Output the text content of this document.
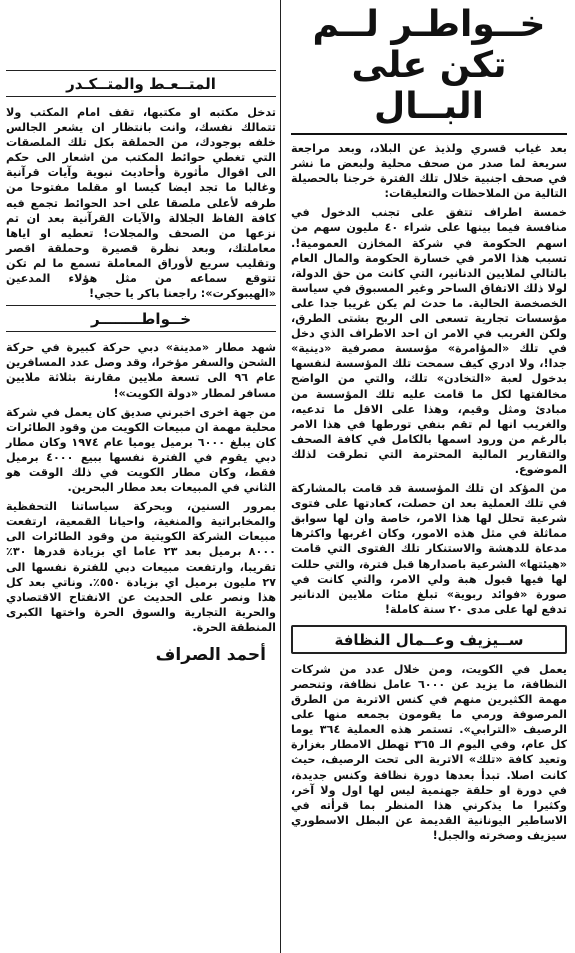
خــواطـر لــم
تكن على البــال

بعد غياب قسري ولذيذ عن البلاد، وبعد مراجعة سريعة لما صدر من صحف محلية ولبعض ما نشر في صحف اجنبية خلال تلك الفترة خرجنا بالحصيلة التالية من الملاحظات والتعليقات:

خمسة اطراف تتفق على تجنب الدخول في منافسة فيما بينها على شراء ٤٠ مليون سهم من اسهم الحكومة في شركة المخازن العمومية!. تسبب هذا الامر في خسارة الحكومة والمال العام بالتالي لملايين الدنانير، التي كانت من حق الدولة، لولا ذلك الاتفاق الساحر وغير المسبوق في سياسة الخصخصة الحالية. ما حدث لم يكن غريبا جدا على مؤسسات تجارية تسعى الى الربح بشتى الطرق، ولكن الغريب في الامر ان احد الاطراف الذي دخل في تلك «المؤامرة» مؤسسة مصرفية «دينية» جدا!، ولا ادري كيف سمحت تلك المؤسسة لنفسها بدخول لعبة «التخادن» تلك، والتي من الواضح مخالفتها لكل ما قامت عليه تلك المؤسسة من مبادئ ومثل وقيم، وهذا على الاقل ما تدعيه، والغريب انها لم تقم بنفي تورطها في هذا الامر بالرغم من ورود اسمها بالكامل في كافة الصحف والتقارير المالية المحترمة التي تطرقت لذلك الموضوع.

من المؤكد ان تلك المؤسسة قد قامت بالمشاركة في تلك العملية بعد ان حصلت، كعادتها على فتوى شرعية تحلل لها هذا الامر، خاصة وان لها سوابق مماثلة في مثل هذه الامور، وكان اغربها واكثرها مدعاة للدهشة والاستنكار تلك الفتوى التي قامت «هيئتها» الشرعية باصدارها قبل فترة، والتي حللت لها فيها قبول هبة ولي الامر، والتي كانت في صورة «فوائد ربوية» تبلغ مئات ملايين الدنانير تدفع لها على مدى ٢٠ سنة كاملة!

ســيزيف وعــمال النظافة

يعمل في الكويت، ومن خلال عدد من شركات النظافة، ما يزيد عن ٦٠٠٠ عامل نظافة، وتنحصر مهمة الكثيرين منهم في كنس الاتربة من الطرق المرصوفة ورمي ما يقومون بجمعه منها على الرصيف «الترابي». تستمر هذه العملية ٣٦٤ يوما كل عام، وفي اليوم الـ ٣٦٥ تهطل الامطار بغزارة وتعيد كافة «تلك» الاتربة الى تحت الرصيف، حيث كانت اصلا. تبدأ بعدها دورة نظافة وكنس جديدة، في دورة او حلقة جهنمية ليس لها اول ولا آخر، وكثيرا ما يذكرني هذا المنظر بما قرأته في الاساطير اليونانية القديمة عن البطل الاسطوري سيزيف وصخرته والجبل!

المتــعـط والمتــكـدر

تدخل مكتبه او مكتبها، تقف امام المكتب ولا تتمالك نفسك، وانت بانتظار ان يشعر الجالس خلفه بوجودك، من الحملقة بكل تلك الملصقات التي تغطي حوائط المكتب من اشعار الى حكم الى اقوال مأثورة وأحاديث نبوية وآيات قرآنية وغالبا ما تجد ايضا كيسا او مقلما مفتوحا من طرفه لأعلى ملصقا على احد الحوائط تجمع فيه كافة الفاظ الجلالة والآيات القرآنية بعد ان تم نزعها من الصحف والمجلات! تعطيه او اياها معاملتك، وبعد نظرة قصيرة وحملقة اقصر وتقليب سريع لأوراق المعاملة تسمع ما لم تكن تتوقع سماعه من مثل هؤلاء المدعين «الهيبوكرت»: راجعنا باكر يا حجي!

خــواطــــــــر

شهد مطار «مدينة» دبي حركة كبيرة في حركة الشحن والسفر مؤخرا، وقد وصل عدد المسافرين عام ٩٦ الى تسعة ملايين مقارنة بثلاثة ملايين مسافر لمطار «دولة الكويت»!

من جهة اخرى اخبرني صديق كان يعمل في شركة محلية مهمة ان مبيعات الكويت من وقود الطائرات كان يبلغ ٦٠٠٠ برميل يوميا عام ١٩٧٤ وكان مطار دبي يقوم في الفترة نفسها ببيع ٤٠٠٠ برميل فقط، وكان مطار الكويت في ذلك الوقت هو الثاني في المبيعات بعد مطار البحرين.

بمرور السنين، وبحركة سياساتنا التحفظية والمخابراتية والمنغية، واحيانا القمعية، ارتفعت مبيعات الشركة الكويتية من وقود الطائرات الى ٨٠٠٠ برميل بعد ٢٣ عاما اي بزيادة قدرها ٣٠٪ تقريبا، وارتفعت مبيعات دبي للفترة نفسها الى ٢٧ مليون برميل اي بزيادة ٥٥٠٪. وناتي بعد كل هذا ونصر على الحديث عن الانفتاح الاقتصادي والحرية التجارية والسوق الحرة واختها الكبرى المنطقة الحرة.

أحمد الصراف
